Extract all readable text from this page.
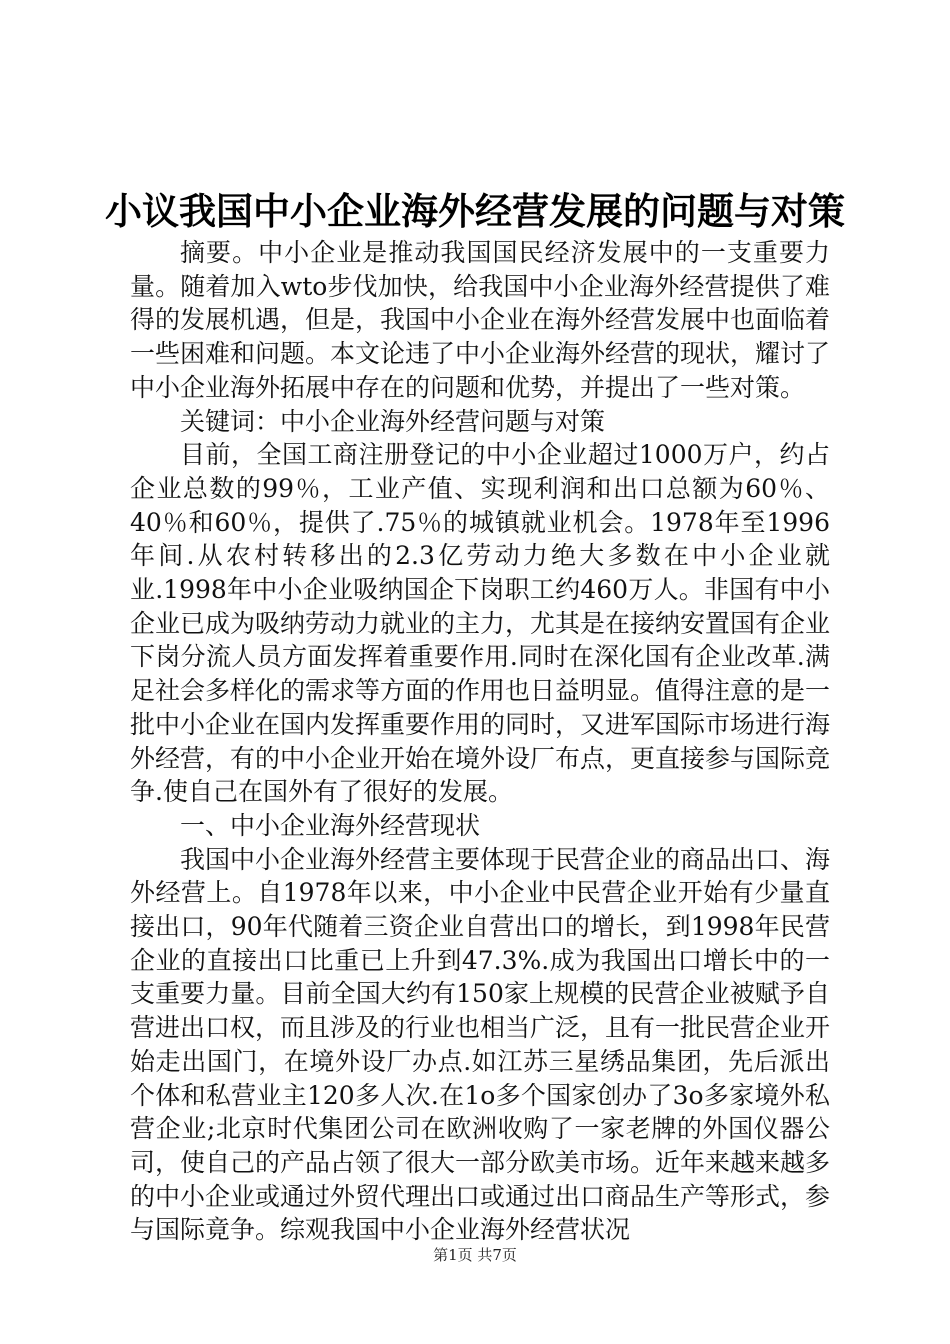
小议我国中小企业海外经营发展的问题与对策

摘要。中小企业是推动我国国民经济发展中的一支重要力量。随着加入wto步伐加快，给我国中小企业海外经营提供了难得的发展机遇，但是，我国中小企业在海外经营发展中也面临着一些困难和问题。本文论违了中小企业海外经营的现状，耀讨了中小企业海外拓展中存在的问题和优势，并提出了一些对策。

关键词：中小企业海外经营问题与对策

目前，全国工商注册登记的中小企业超过1000万户，约占企业总数的99％，工业产值、实现利润和出口总额为60％、40％和60％，提供了.75％的城镇就业机会。1978年至1996年间.从农村转移出的2.3亿劳动力绝大多数在中小企业就业.1998年中小企业吸纳国企下岗职工约460万人。非国有中小企业已成为吸纳劳动力就业的主力，尤其是在接纳安置国有企业下岗分流人员方面发挥着重要作用.同时在深化国有企业改革.满足社会多样化的需求等方面的作用也日益明显。值得注意的是一批中小企业在国内发挥重要作用的同时，又进军国际市场进行海外经营，有的中小企业开始在境外设厂布点，更直接参与国际竞争.使自己在国外有了很好的发展。

一、中小企业海外经营现状

我国中小企业海外经营主要体现于民营企业的商品出口、海外经营上。自1978年以来，中小企业中民营企业开始有少量直接出口，90年代随着三资企业自营出口的增长，到1998年民营企业的直接出口比重已上升到47.3%.成为我国出口增长中的一支重要力量。目前全国大约有150家上规模的民营企业被赋予自营进出口权，而且涉及的行业也相当广泛，且有一批民营企业开始走出国门，在境外设厂办点.如江苏三星绣品集团，先后派出个体和私营业主120多人次.在1o多个国家创办了3o多家境外私营企业;北京时代集团公司在欧洲收购了一家老牌的外国仪器公司，使自己的产品占领了很大一部分欧美市场。近年来越来越多的中小企业或通过外贸代理出口或通过出口商品生产等形式，参与国际竟争。综观我国中小企业海外经营状况

第1页 共7页
